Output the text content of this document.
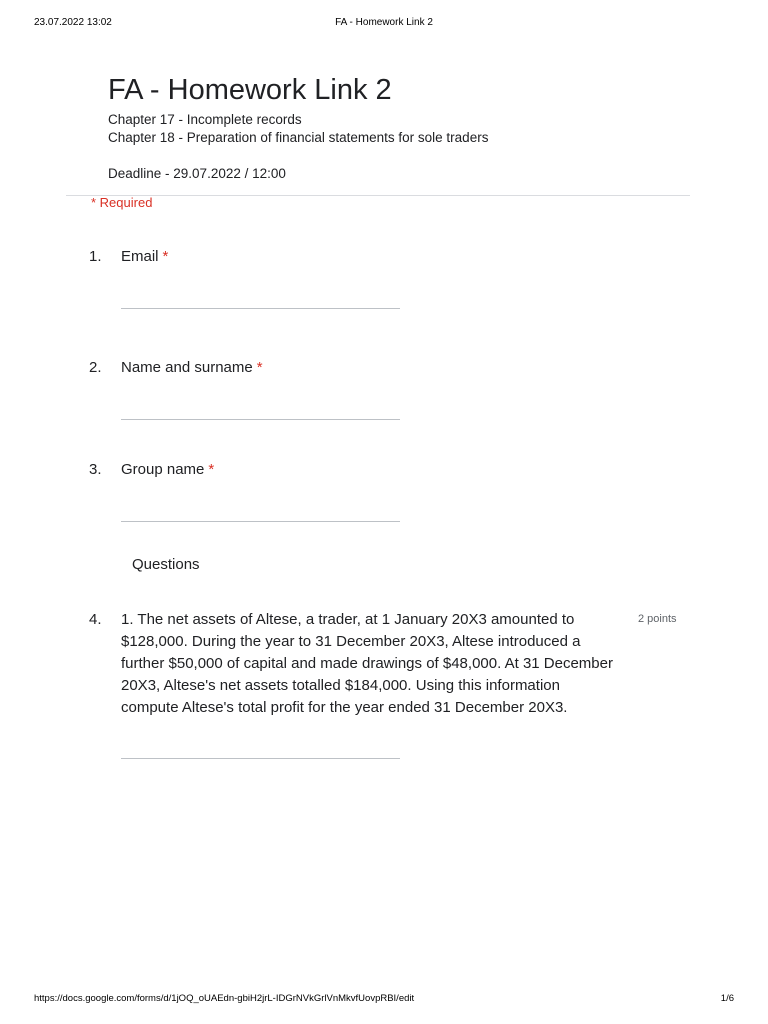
23.07.2022 13:02	FA - Homework Link 2
FA - Homework Link 2
Chapter 17 - Incomplete records
Chapter 18 - Preparation of financial statements for sole traders
Deadline - 29.07.2022 / 12:00
* Required
1. Email *
2. Name and surname *
3. Group name *
Questions
4. 1. The net assets of Altese, a trader, at 1 January 20X3 amounted to
$128,000. During the year to 31 December 20X3, Altese introduced a
further $50,000 of capital and made drawings of $48,000. At 31 December
20X3, Altese's net assets totalled $184,000. Using this information
compute Altese's total profit for the year ended 31 December 20X3.
2 points
https://docs.google.com/forms/d/1jOQ_oUAEdn-gbiH2jrL-IDGrNVkGrlVnMkvfUovpRBI/edit	1/6
